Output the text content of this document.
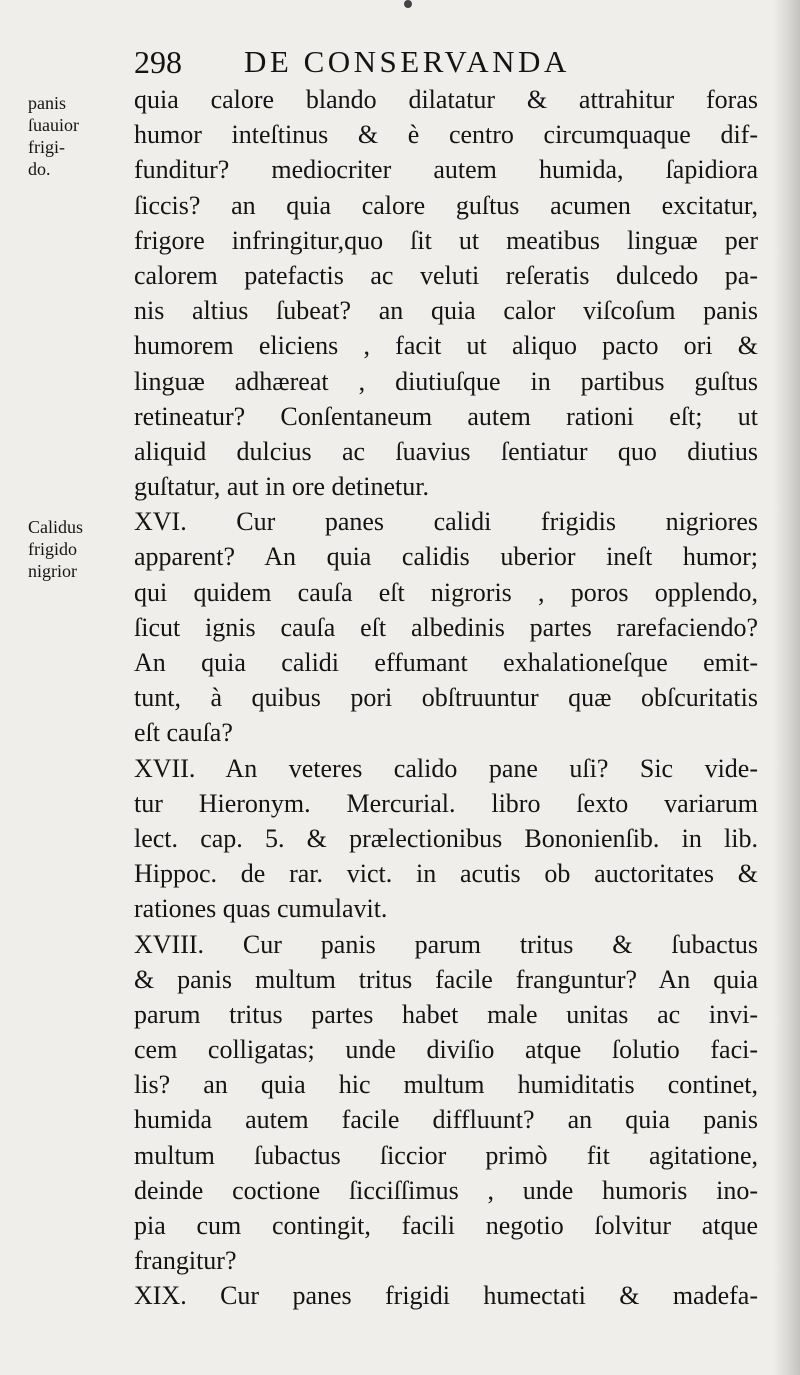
298 DE CONSERVANDA
panis
ſuauior
frigi-
do.
Calidus
frigido
nigrior
quia calore blando dilatatur & attrahitur foras
humor inteſtinus & è centro circumquaque dif-
funditur? mediocriter autem humida, ſapidiora
ſiccis? an quia calore guſtus acumen excitatur,
frigore infringitur,quo ſit ut meatibus linguæ per
calorem patefactis ac veluti reſeratis dulcedo pa-
nis altius ſubeat? an quia calor viſcoſum panis
humorem eliciens , facit ut aliquo pacto ori &
linguæ adhæreat , diutiuſque in partibus guſtus
retineatur? Conſentaneum autem rationi eſt; ut
aliquid dulcius ac ſuavius ſentiatur quo diutius
guſtatur, aut in ore detinetur.
XVI. Cur panes calidi frigidis nigriores
apparent? An quia calidis uberior ineſt humor;
qui quidem cauſa eſt nigroris , poros opplendo,
ſicut ignis cauſa eſt albedinis partes rarefaciendo?
An quia calidi effumant exhalationeſque emit-
tunt, à quibus pori obſtruuntur quæ obſcuritatis
eſt cauſa?
XVII. An veteres calido pane uſi? Sic vide-
tur Hieronym. Mercurial. libro ſexto variarum
lect. cap. 5. & prælectionibus Bononienſib. in lib.
Hippoc. de rar. vict. in acutis ob auctoritates &
rationes quas cumulavit.
XVIII. Cur panis parum tritus & ſubactus
& panis multum tritus facile franguntur? An quia
parum tritus partes habet male unitas ac invi-
cem colligatas; unde diviſio atque ſolutio faci-
lis? an quia hic multum humiditatis continet,
humida autem facile diffluunt? an quia panis
multum ſubactus ſiccior primò fit agitatione,
deinde coctione ſicciſſimus , unde humoris ino-
pia cum contingit, facili negotio ſolvitur atque
frangitur?
XIX. Cur panes frigidi humectati & madefa-
